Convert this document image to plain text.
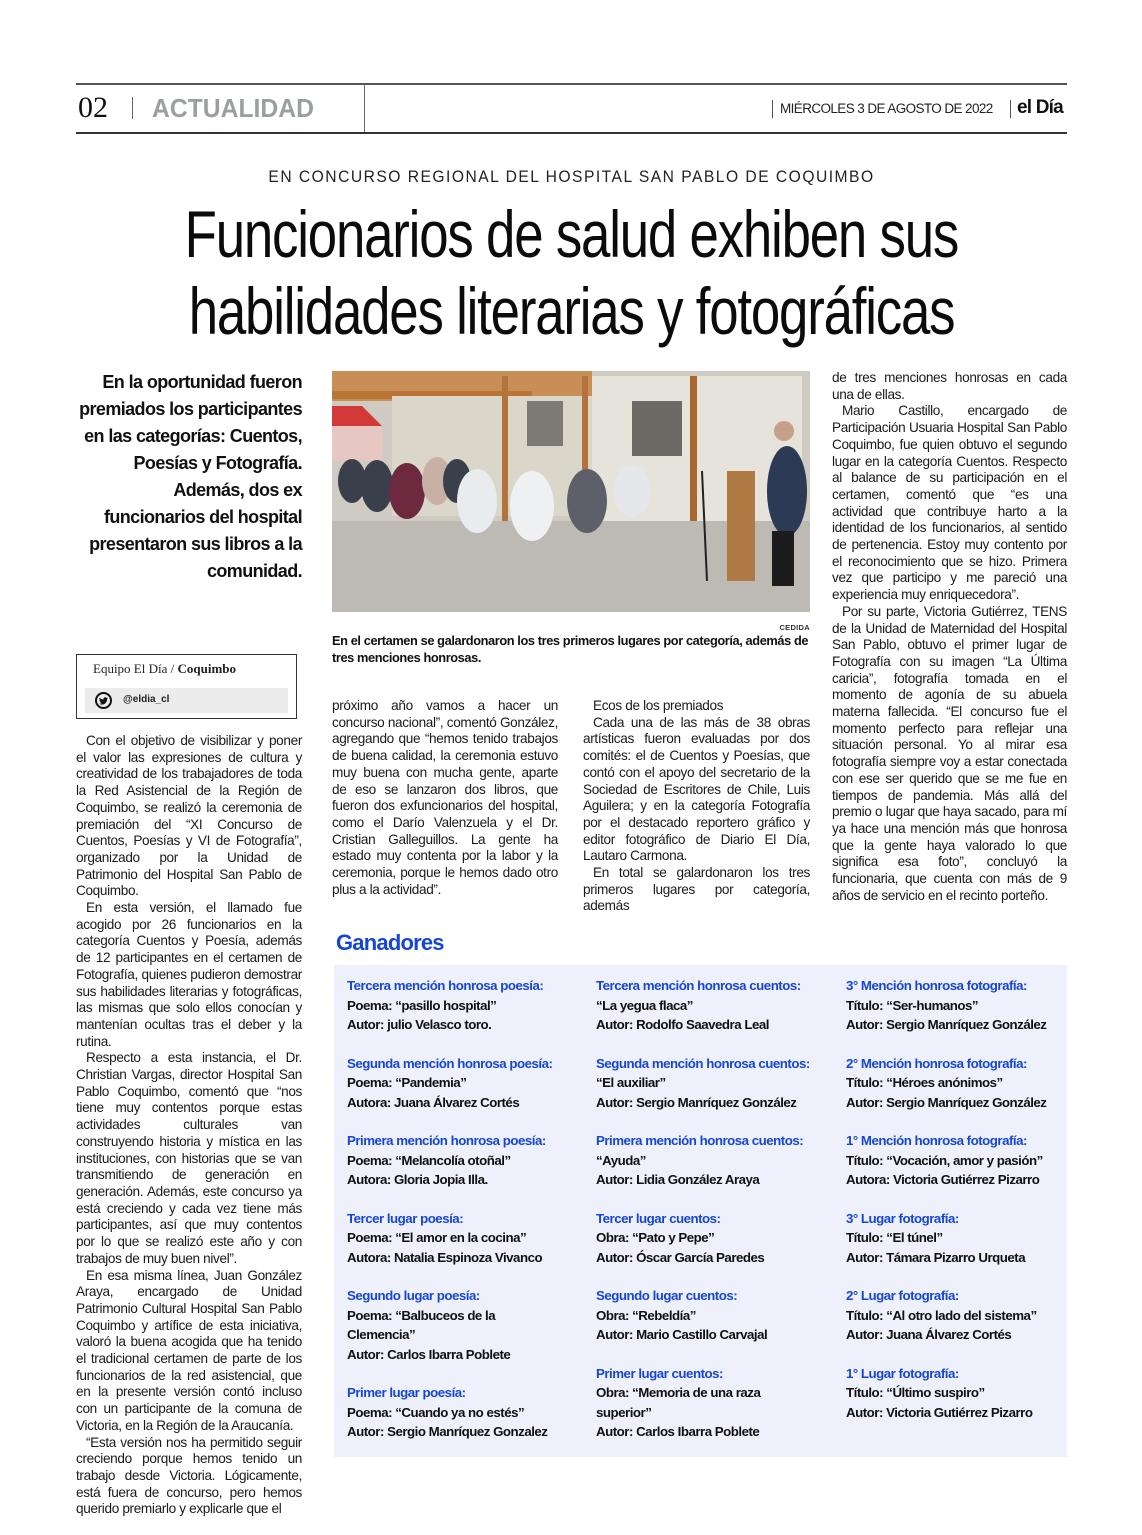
02 ACTUALIDAD	MIÉRCOLES 3 DE AGOSTO DE 2022 el Día
EN CONCURSO REGIONAL DEL HOSPITAL SAN PABLO DE COQUIMBO
Funcionarios de salud exhiben sus
habilidades literarias y fotográficas
En la oportunidad fueron premiados los participantes en las categorías: Cuentos, Poesías y Fotografía. Además, dos ex funcionarios del hospital presentaron sus libros a la comunidad.
Equipo El Día / Coquimbo
@eldia_cl
CEDIDA
En el certamen se galardonaron los tres primeros lugares por categoría, además de tres menciones honrosas.

Con el objetivo de visibilizar y poner el valor las expresiones de cultura y creatividad de los trabajadores de toda la Red Asistencial de la Región de Coquimbo, se realizó la ceremonia de premiación del “XI Concurso de Cuentos, Poesías y VI de Fotografía”, organizado por la Unidad de Patrimonio del Hospital San Pablo de Coquimbo.

En esta versión, el llamado fue acogido por 26 funcionarios en la categoría Cuentos y Poesía, además de 12 participantes en el certamen de Fotografía, quienes pudieron demostrar sus habilidades literarias y fotográficas, las mismas que solo ellos conocían y mantenían ocultas tras el deber y la rutina.

Respecto a esta instancia, el Dr. Christian Vargas, director Hospital San Pablo Coquimbo, comentó que “nos tiene muy contentos porque estas actividades culturales van construyendo historia y mística en las instituciones, con historias que se van transmitiendo de generación en generación. Además, este concurso ya está creciendo y cada vez tiene más participantes, así que muy contentos por lo que se realizó este año y con trabajos de muy buen nivel”.

En esa misma línea, Juan González Araya, encargado de Unidad Patrimonio Cultural Hospital San Pablo Coquimbo y artífice de esta iniciativa, valoró la buena acogida que ha tenido el tradicional certamen de parte de los funcionarios de la red asistencial, que en la presente versión contó incluso con un participante de la comuna de Victoria, en la Región de la Araucanía.

“Esta versión nos ha permitido seguir creciendo porque hemos tenido un trabajo desde Victoria. Lógicamente, está fuera de concurso, pero hemos querido premiarlo y explicarle que el

próximo año vamos a hacer un concurso nacional”, comentó González, agregando que “hemos tenido trabajos de buena calidad, la ceremonia estuvo muy buena con mucha gente, aparte de eso se lanzaron dos libros, que fueron dos exfuncionarios del hospital, como el Darío Valenzuela y el Dr. Cristian Galleguillos. La gente ha estado muy contenta por la labor y la ceremonia, porque le hemos dado otro plus a la actividad”.

Ecos de los premiados

Cada una de las más de 38 obras artísticas fueron evaluadas por dos comités: el de Cuentos y Poesías, que contó con el apoyo del secretario de la Sociedad de Escritores de Chile, Luis Aguilera; y en la categoría Fotografía por el destacado reportero gráfico y editor fotográfico de Diario El Día, Lautaro Carmona.

En total se galardonaron los tres primeros lugares por categoría, además

de tres menciones honrosas en cada una de ellas.

Mario Castillo, encargado de Participación Usuaria Hospital San Pablo Coquimbo, fue quien obtuvo el segundo lugar en la categoría Cuentos. Respecto al balance de su participación en el certamen, comentó que “es una actividad que contribuye harto a la identidad de los funcionarios, al sentido de pertenencia. Estoy muy contento por el reconocimiento que se hizo. Primera vez que participo y me pareció una experiencia muy enriquecedora”.

Por su parte, Victoria Gutiérrez, TENS de la Unidad de Maternidad del Hospital San Pablo, obtuvo el primer lugar de Fotografía con su imagen “La Última caricia”, fotografía tomada en el momento de agonía de su abuela materna fallecida. “El concurso fue el momento perfecto para reflejar una situación personal. Yo al mirar esa fotografía siempre voy a estar conectada con ese ser querido que se me fue en tiempos de pandemia. Más allá del premio o lugar que haya sacado, para mí ya hace una mención más que honrosa que la gente haya valorado lo que significa esa foto”, concluyó la funcionaria, que cuenta con más de 9 años de servicio en el recinto porteño.

Ganadores
Tercera mención honrosa poesía:
Poema: “pasillo hospital”
Autor: julio Velasco toro.
Segunda mención honrosa poesía:
Poema: “Pandemia”
Autora: Juana Álvarez Cortés
Primera mención honrosa poesía:
Poema: “Melancolía otoñal”
Autora: Gloria Jopia Illa.
Tercer lugar poesía:
Poema: “El amor en la cocina”
Autora: Natalia Espinoza Vivanco
Segundo lugar poesía:
Poema: “Balbuceos de la Clemencia”
Autor: Carlos Ibarra Poblete
Primer lugar poesía:
Poema: “Cuando ya no estés”
Autor: Sergio Manríquez Gonzalez
Tercera mención honrosa cuentos:
“La yegua flaca”
Autor: Rodolfo Saavedra Leal
Segunda mención honrosa cuentos:
“El auxiliar”
Autor: Sergio Manríquez González
Primera mención honrosa cuentos:
“Ayuda”
Autor: Lidia González Araya
Tercer lugar cuentos:
Obra: “Pato y Pepe”
Autor: Óscar García Paredes
Segundo lugar cuentos:
Obra: “Rebeldía”
Autor: Mario Castillo Carvajal
Primer lugar cuentos:
Obra: “Memoria de una raza superior”
Autor: Carlos Ibarra Poblete
3° Mención honrosa fotografía:
Título: “Ser-humanos”
Autor: Sergio Manríquez González
2° Mención honrosa fotografía:
Título: “Héroes anónimos”
Autor: Sergio Manríquez González
1° Mención honrosa fotografía:
Título: “Vocación, amor y pasión”
Autora: Victoria Gutiérrez Pizarro
3° Lugar fotografía:
Título: “El túnel”
Autor: Támara Pizarro Urqueta
2° Lugar fotografía:
Título: “Al otro lado del sistema”
Autor: Juana Álvarez Cortés
1° Lugar fotografía:
Título: “Último suspiro”
Autor: Victoria Gutiérrez Pizarro
